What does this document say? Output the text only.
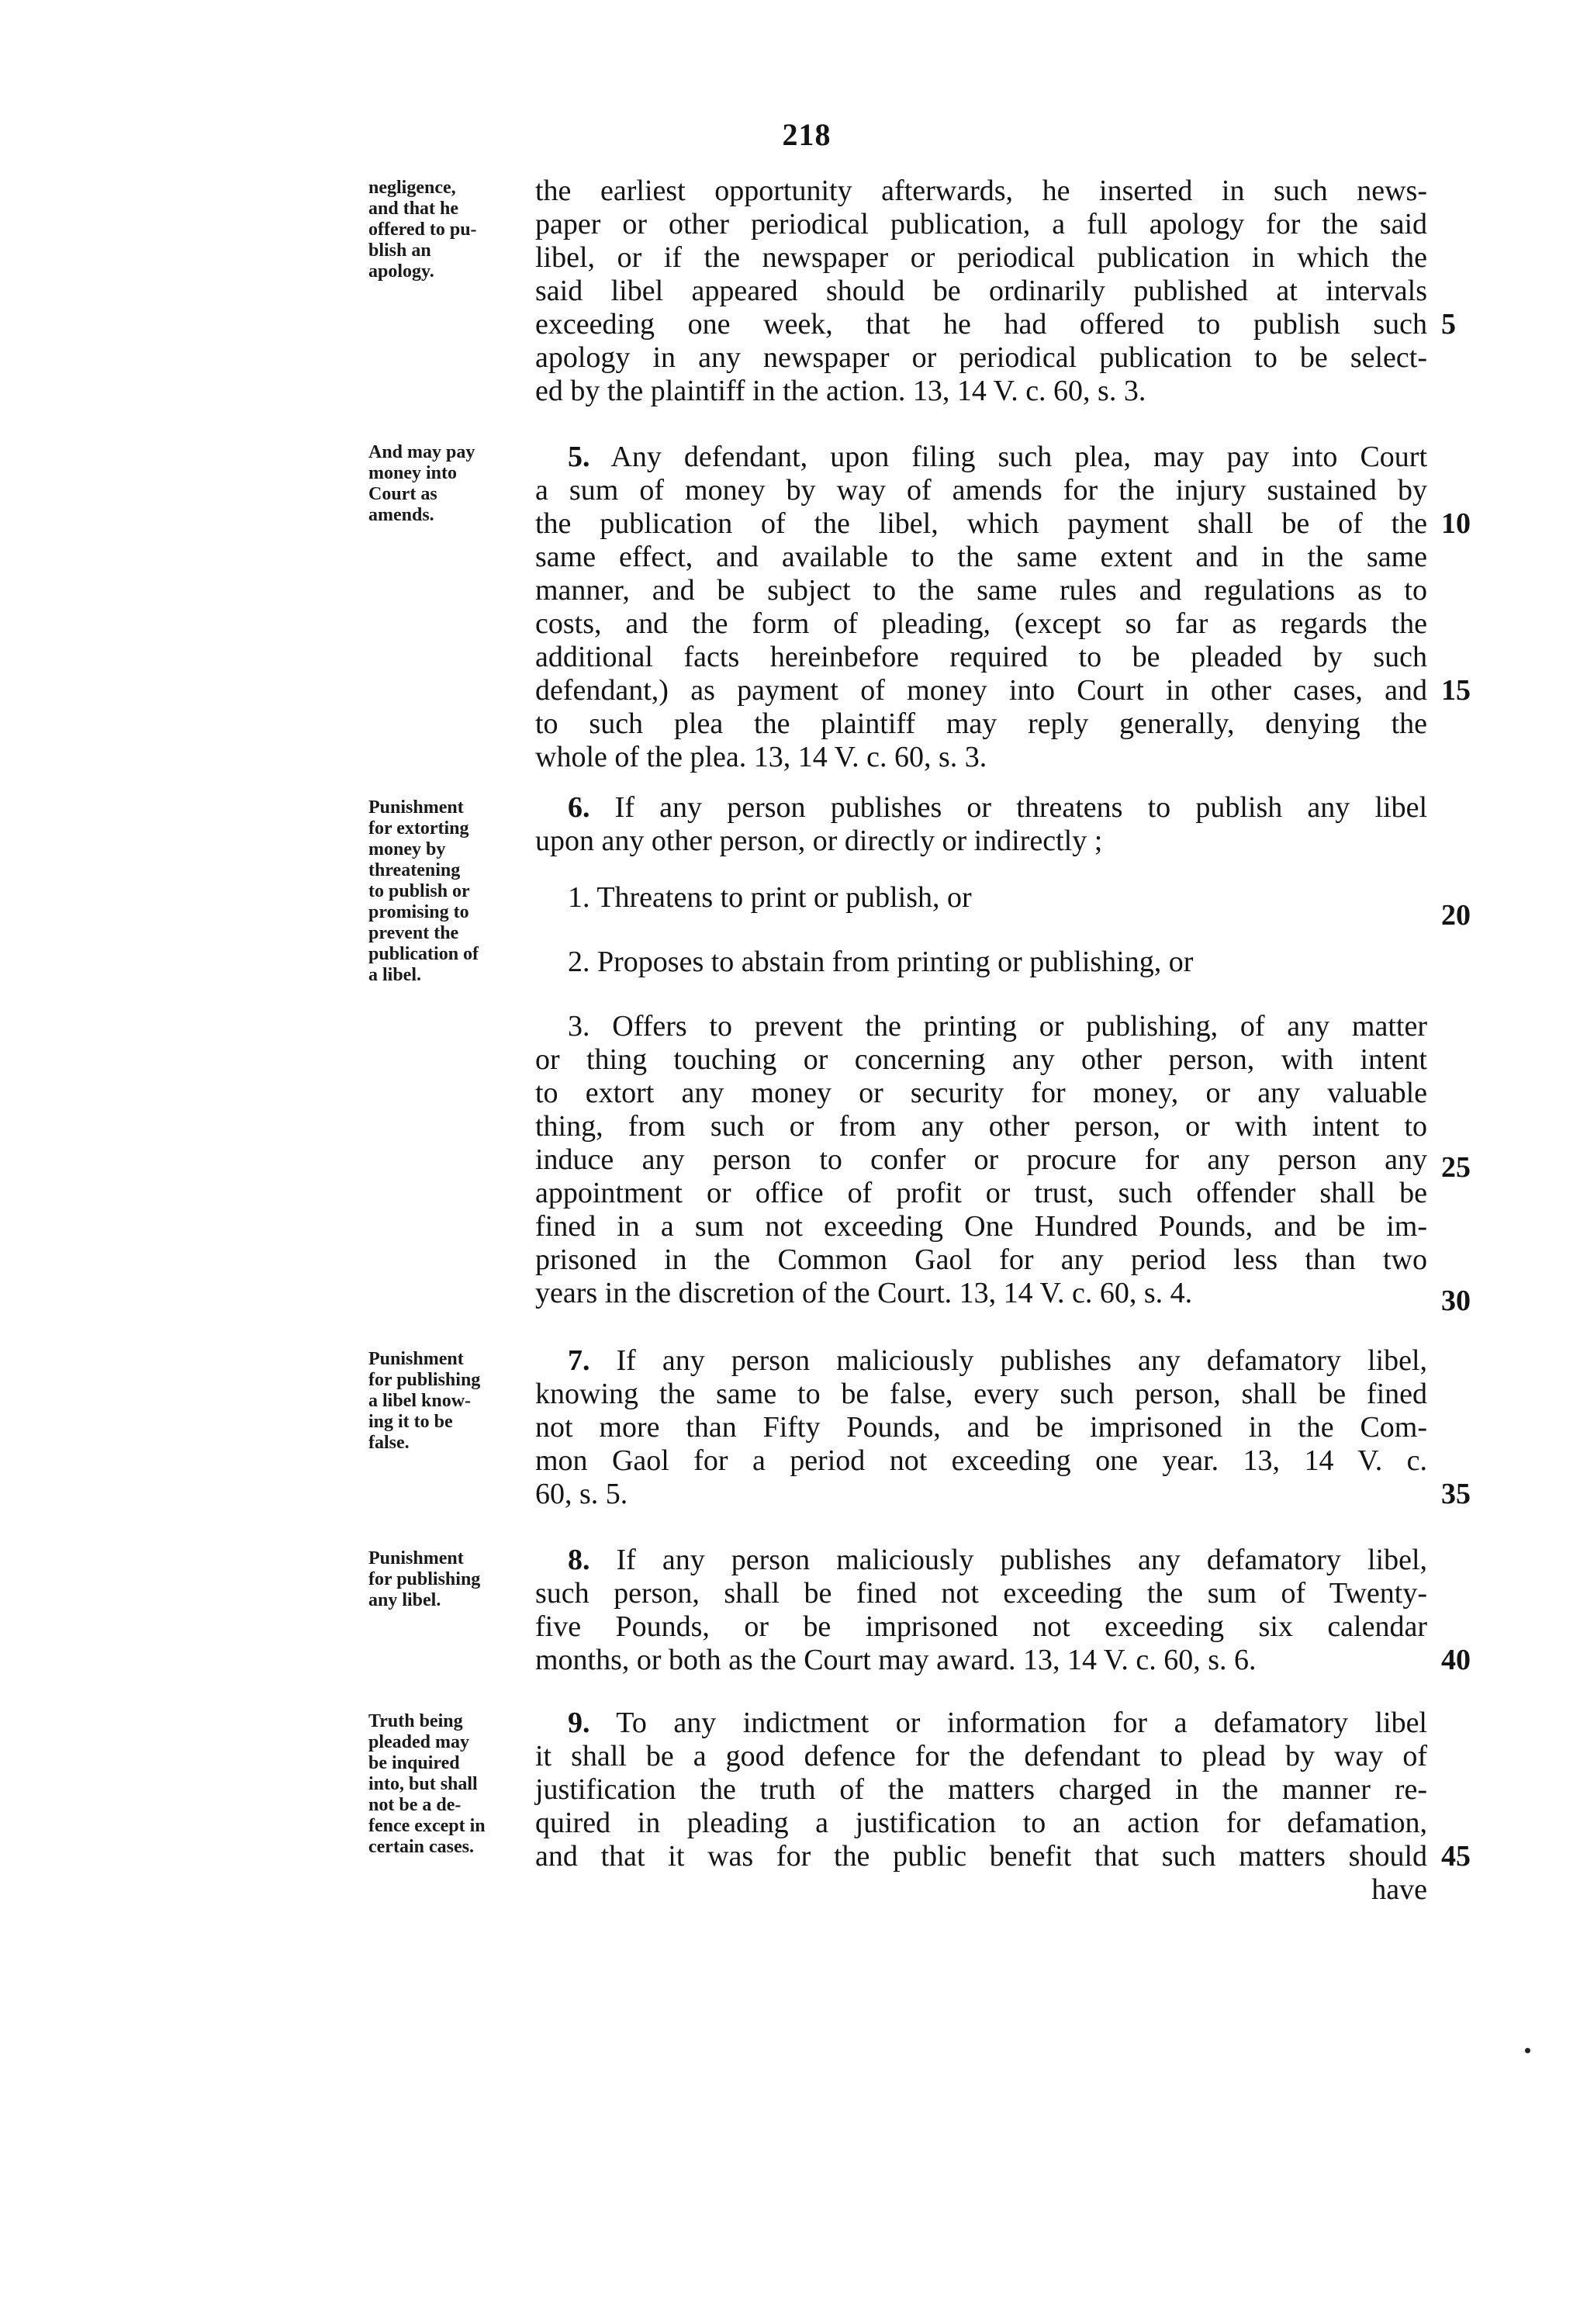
218
negligence,
and that he
offered to pu-
blish an
apology.
the earliest opportunity afterwards, he inserted in such news-
paper or other periodical publication, a full apology for the said
libel, or if the newspaper or periodical publication in which the
said libel appeared should be ordinarily published at intervals
exceeding one week, that he had offered to publish such
apology in any newspaper or periodical publication to be select-
ed by the plaintiff in the action. 13, 14 V. c. 60, s. 3.
And may pay
money into
Court as
amends.
5. Any defendant, upon filing such plea, may pay into Court
a sum of money by way of amends for the injury sustained by
the publication of the libel, which payment shall be of the
same effect, and available to the same extent and in the same
manner, and be subject to the same rules and regulations as to
costs, and the form of pleading, (except so far as regards the
additional facts hereinbefore required to be pleaded by such
defendant,) as payment of money into Court in other cases, and
to such plea the plaintiff may reply generally, denying the
whole of the plea. 13, 14 V. c. 60, s. 3.
Punishment
for extorting
money by
threatening
to publish or
promising to
prevent the
publication of
a libel.
6. If any person publishes or threatens to publish any libel
upon any other person, or directly or indirectly ;
1. Threatens to print or publish, or
2. Proposes to abstain from printing or publishing, or
3. Offers to prevent the printing or publishing, of any matter
or thing touching or concerning any other person, with intent
to extort any money or security for money, or any valuable
thing, from such or from any other person, or with intent to
induce any person to confer or procure for any person any
appointment or office of profit or trust, such offender shall be
fined in a sum not exceeding One Hundred Pounds, and be im-
prisoned in the Common Gaol for any period less than two
years in the discretion of the Court. 13, 14 V. c. 60, s. 4.
Punishment
for publishing
a libel know-
ing it to be
false.
7. If any person maliciously publishes any defamatory libel,
knowing the same to be false, every such person, shall be fined
not more than Fifty Pounds, and be imprisoned in the Com-
mon Gaol for a period not exceeding one year. 13, 14 V. c.
60, s. 5.
Punishment
for publishing
any libel.
8. If any person maliciously publishes any defamatory libel,
such person, shall be fined not exceeding the sum of Twenty-
five Pounds, or be imprisoned not exceeding six calendar
months, or both as the Court may award. 13, 14 V. c. 60, s. 6.
Truth being
pleaded may
be inquired
into, but shall
not be a de-
fence except in
certain cases.
9. To any indictment or information for a defamatory libel
it shall be a good defence for the defendant to plead by way of
justification the truth of the matters charged in the manner re-
quired in pleading a justification to an action for defamation,
and that it was for the public benefit that such matters should
have
5
10
15
20
25
30
35
40
45
